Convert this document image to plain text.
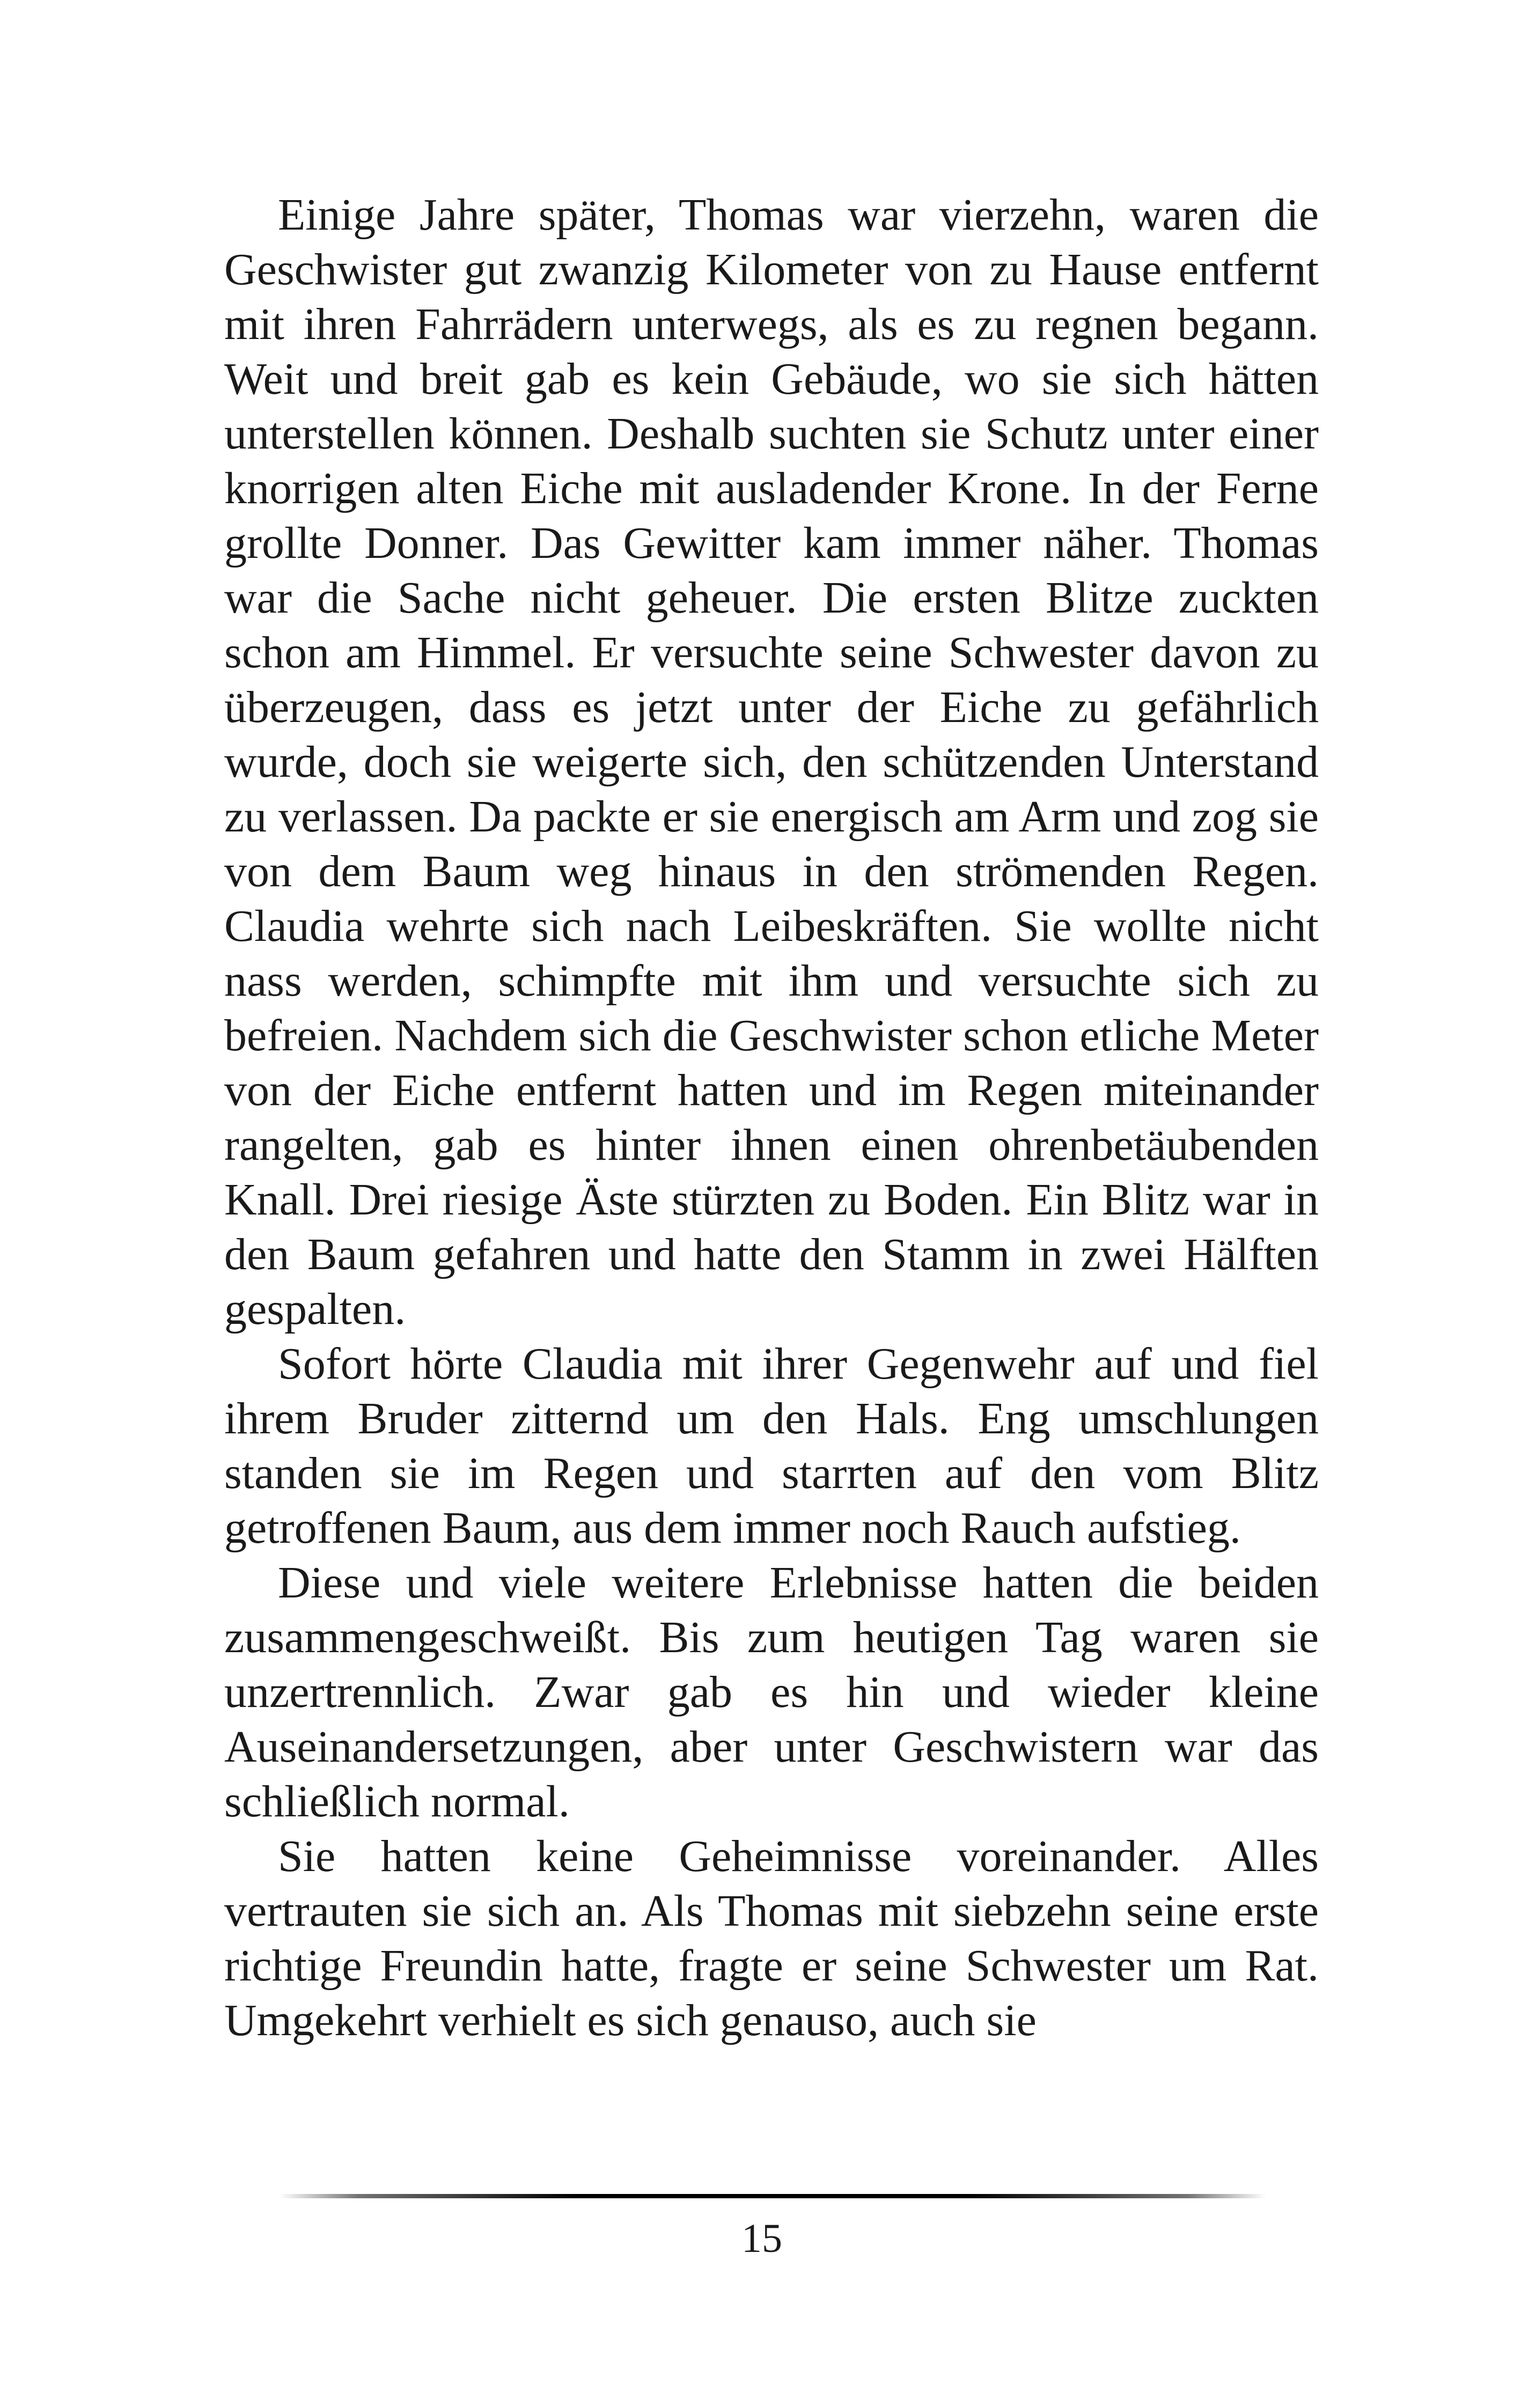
Einige Jahre später, Thomas war vierzehn, waren die Geschwister gut zwanzig Kilometer von zu Hause entfernt mit ihren Fahrrädern unterwegs, als es zu regnen begann. Weit und breit gab es kein Gebäude, wo sie sich hätten unterstellen können. Deshalb suchten sie Schutz unter einer knorrigen alten Eiche mit ausladender Krone. In der Ferne grollte Donner. Das Gewitter kam immer näher. Thomas war die Sache nicht geheuer. Die ersten Blitze zuckten schon am Himmel. Er versuchte seine Schwester davon zu überzeugen, dass es jetzt unter der Eiche zu gefährlich wurde, doch sie weigerte sich, den schützenden Unterstand zu verlassen. Da packte er sie energisch am Arm und zog sie von dem Baum weg hinaus in den strömenden Regen. Claudia wehrte sich nach Leibeskräften. Sie wollte nicht nass werden, schimpfte mit ihm und versuchte sich zu befreien. Nachdem sich die Geschwister schon etliche Meter von der Eiche entfernt hatten und im Regen miteinander rangelten, gab es hinter ihnen einen ohrenbetäubenden Knall. Drei riesige Äste stürzten zu Boden. Ein Blitz war in den Baum gefahren und hatte den Stamm in zwei Hälften gespalten.

Sofort hörte Claudia mit ihrer Gegenwehr auf und fiel ihrem Bruder zitternd um den Hals. Eng umschlungen standen sie im Regen und starrten auf den vom Blitz getroffenen Baum, aus dem immer noch Rauch aufstieg.

Diese und viele weitere Erlebnisse hatten die beiden zusammengeschweißt. Bis zum heutigen Tag waren sie unzertrennlich. Zwar gab es hin und wieder kleine Auseinandersetzungen, aber unter Geschwistern war das schließlich normal.

Sie hatten keine Geheimnisse voreinander. Alles vertrauten sie sich an. Als Thomas mit siebzehn seine erste richtige Freundin hatte, fragte er seine Schwester um Rat. Umgekehrt verhielt es sich genauso, auch sie

15
